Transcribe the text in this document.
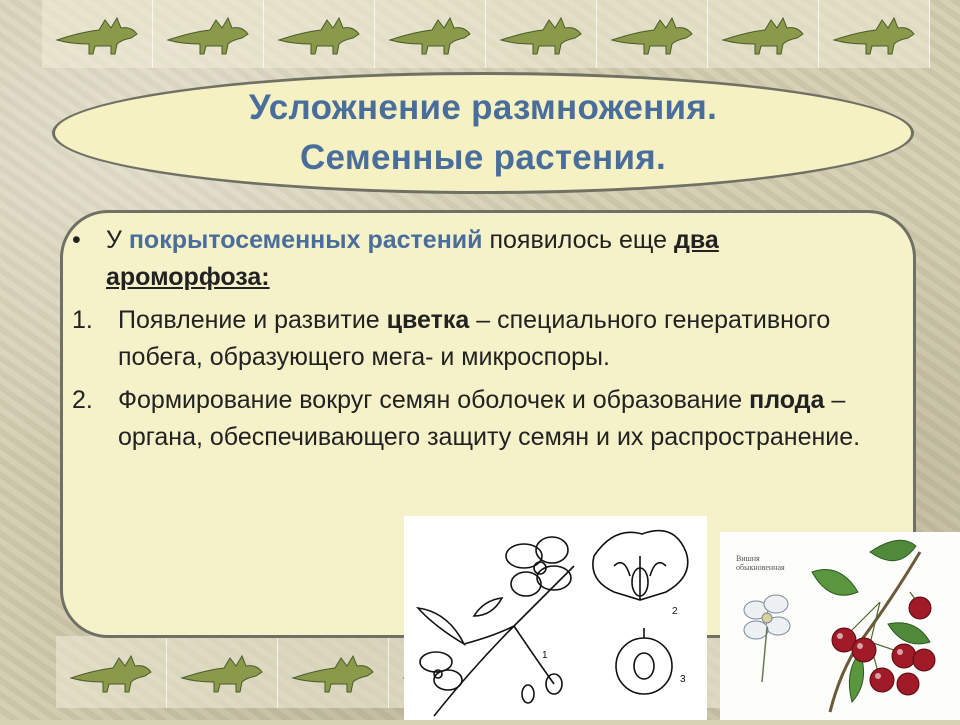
Усложнение размножения.
Семенные растения.
•	У покрытосеменных растений появилось еще два ароморфоза:
1.	Появление и развитие цветка – специального генеративного побега, образующего мега- и микроспоры.
2.	Формирование вокруг семян оболочек и образование плода – органа, обеспечивающего защиту семян и их распространение.
1
2
3
Вишня обыкновенная
